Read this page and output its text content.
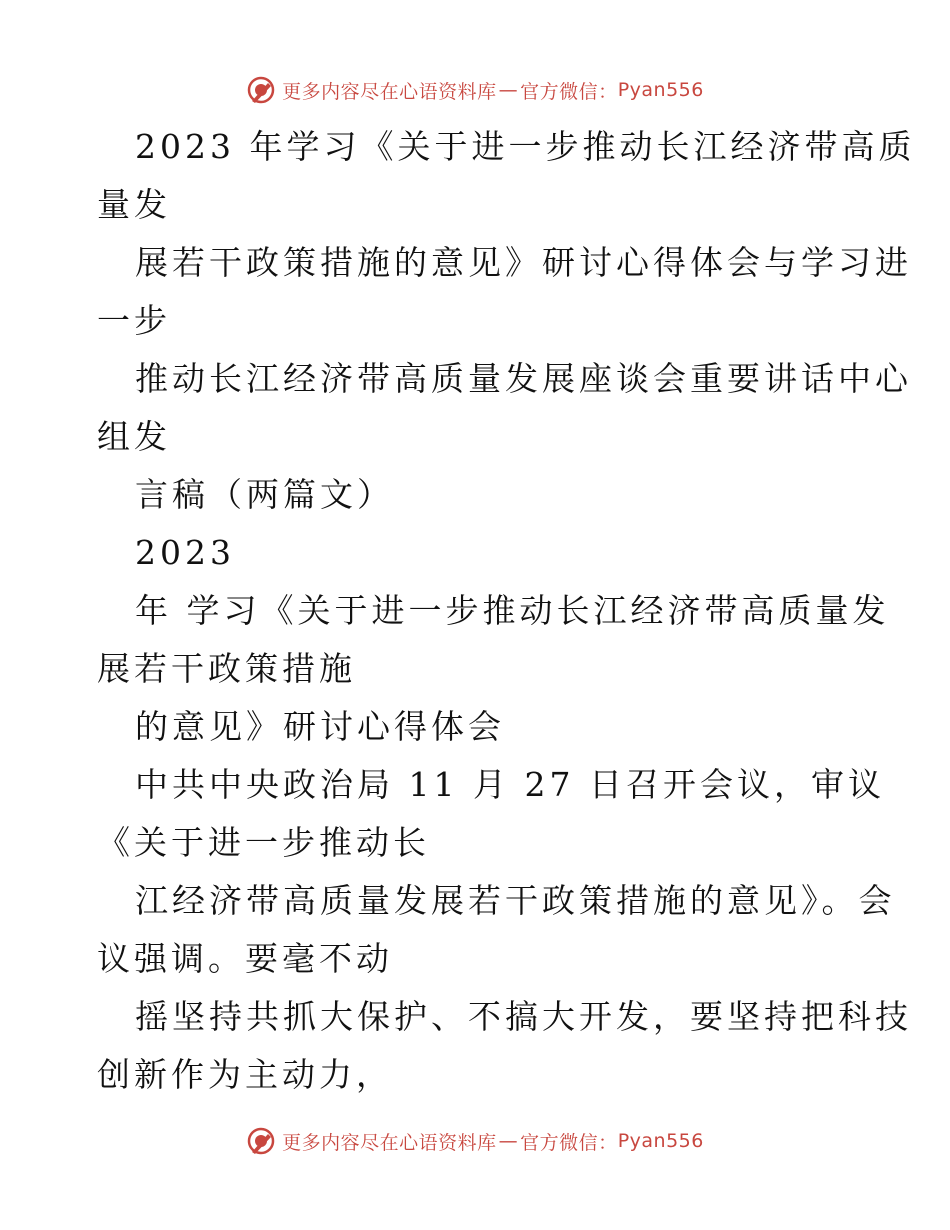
更多内容尽在心语资料库 — 官方微信： Pyan556
2023 年学习《关于进一步推动长江经济带高质
量发
展若干政策措施的意见》研讨心得体会与学习进
一步
推动长江经济带高质量发展座谈会重要讲话中心
组发
言稿（两篇文）
2023
年 学习《关于进一步推动长江经济带高质量发
展若干政策措施
的意见》研讨心得体会
中共中央政治局 11 月 27 日召开会议，审议
《关于进一步推动长
江经济带高质量发展若干政策措施的意见》。会
议强调。要毫不动
摇坚持共抓大保护、不搞大开发，要坚持把科技
创新作为主动力，
更多内容尽在心语资料库 — 官方微信： Pyan556
